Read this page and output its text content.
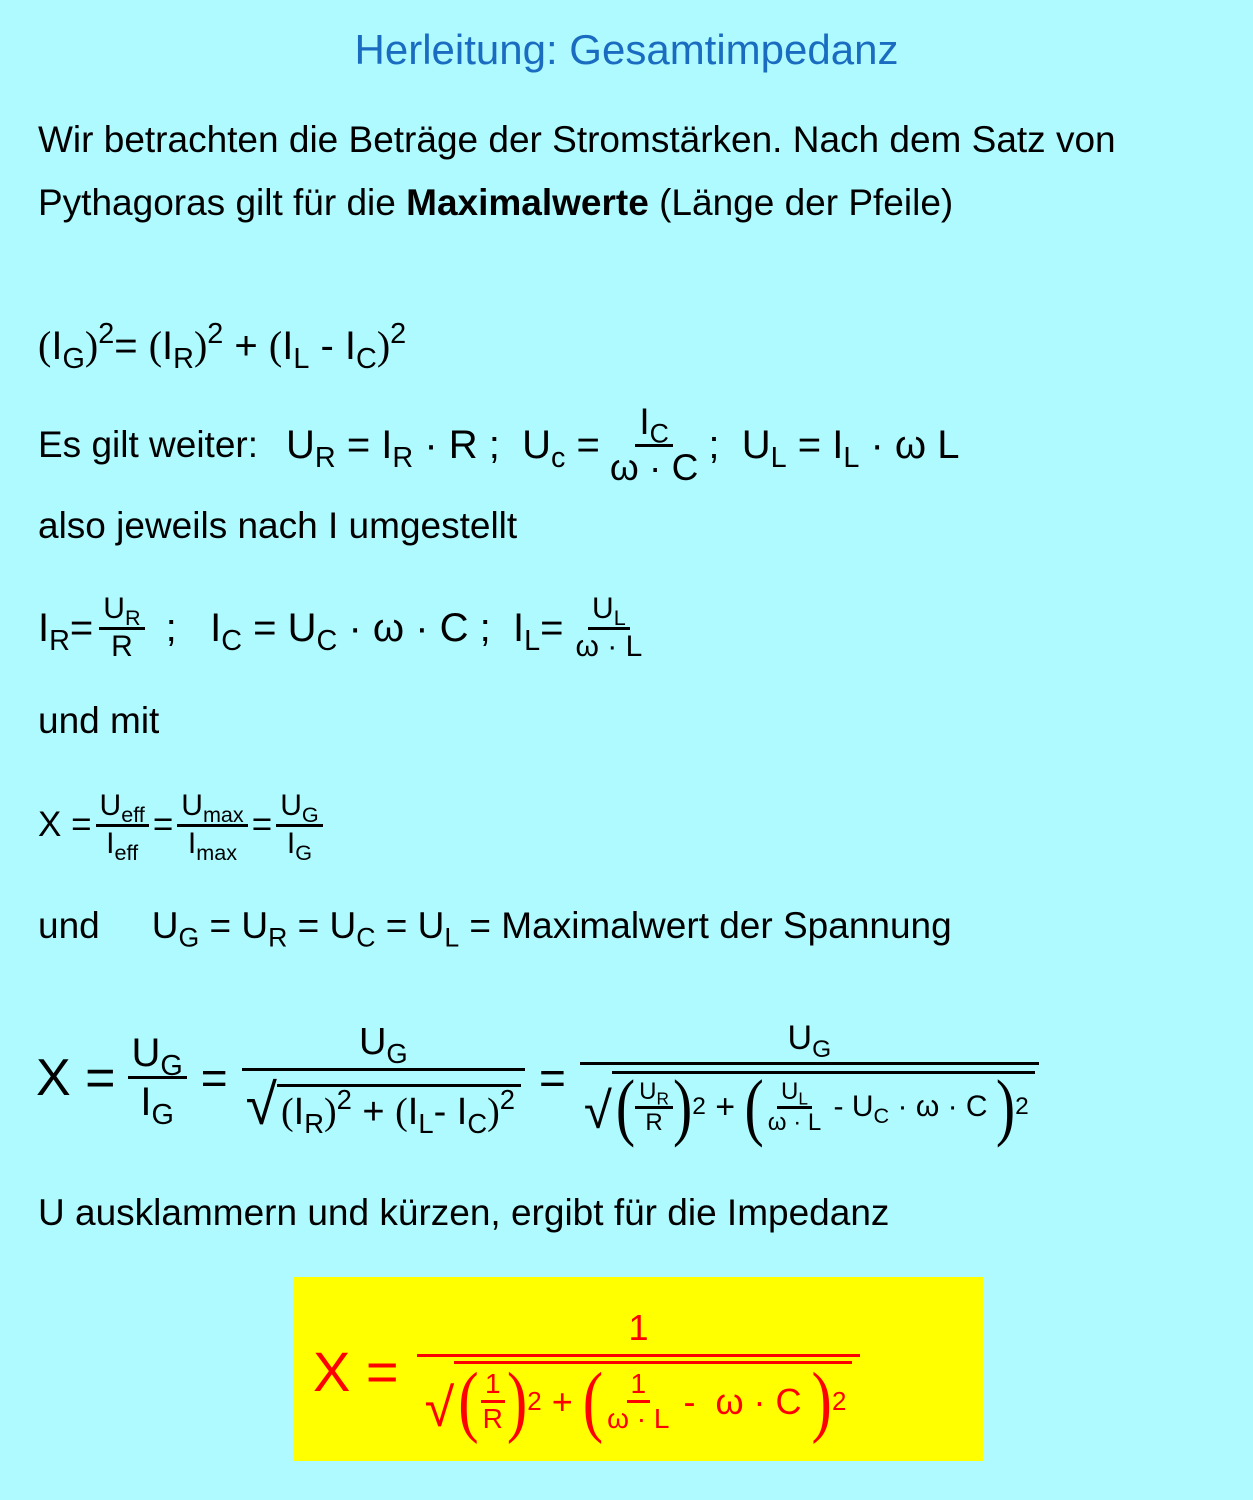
Herleitung: Gesamtimpedanz
Wir betrachten die Beträge der Stromstärken. Nach dem Satz von Pythagoras gilt für die Maximalwerte (Länge der Pfeile)
$(I_G)^2= (I_R)^2 + (I_L - I_C)^2$
Es gilt weiter: $U_R = I_R \cdot R$ ;  $U_c = \frac{I_C}{\omega \cdot C}$ ;  $U_L = I_L \cdot \omega$ L
also jeweils nach I umgestellt
$I_R= \frac{U_R}{R}$ ;   $I_C = U_C \cdot \omega \cdot C$ ;  $I_L= \frac{U_L}{\omega \cdot L}$
und mit
$X = U_{eff}$
$I_{eff}$
= $U_{max}$
$I_{max}$
= $\frac{U_G}{I_G}$
und $U_G = U_R = U_C = U_L$ = Maximalwert der Spannung
$X = \frac{U_G}{I_G} = \frac{U_G}{√ (I_R)^2 + (I_L- I_C)^2}$ =
$U_G$
√ ( $U_R$
R ) 2 + ( $U_L$
$\omega \cdot L - U_C \cdot \omega \cdot C$ ) 2
U ausklammern und kürzen, ergibt für die Impedanz
X = 1
√ ( 1
R ) 2 + ( 1
ω · L -  ω · C ) 2
